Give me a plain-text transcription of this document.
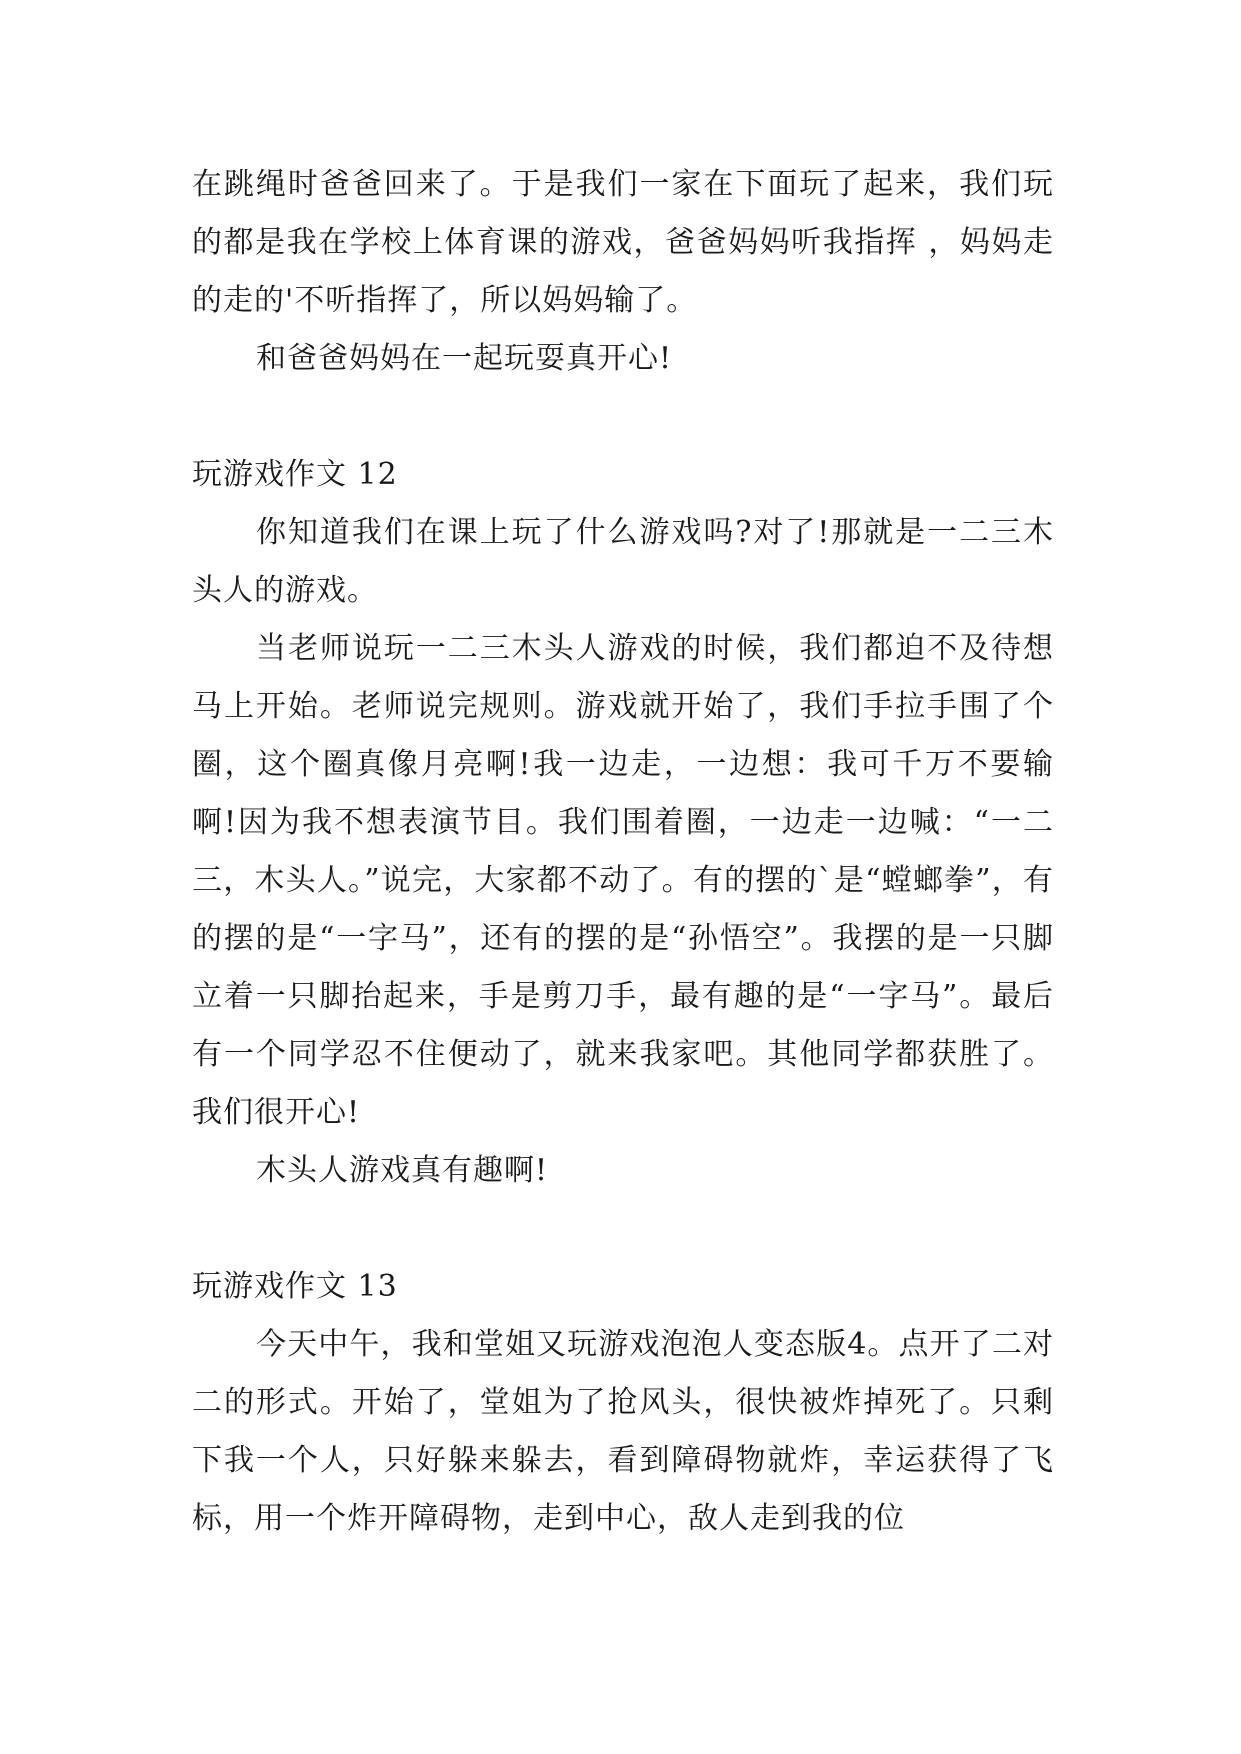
在跳绳时爸爸回来了。于是我们一家在下面玩了起来，我们玩的都是我在学校上体育课的游戏，爸爸妈妈听我指挥 ，妈妈走的走的'不听指挥了，所以妈妈输了。

和爸爸妈妈在一起玩耍真开心!

玩游戏作文 12

你知道我们在课上玩了什么游戏吗?对了!那就是一二三木头人的游戏。

当老师说玩一二三木头人游戏的时候，我们都迫不及待想马上开始。老师说完规则。游戏就开始了，我们手拉手围了个圈，这个圈真像月亮啊!我一边走，一边想：我可千万不要输啊!因为我不想表演节目。我们围着圈，一边走一边喊：“一二三，木头人。”说完，大家都不动了。有的摆的`是“螳螂拳”，有的摆的是“一字马”，还有的摆的是“孙悟空”。我摆的是一只脚立着一只脚抬起来，手是剪刀手，最有趣的是“一字马”。最后有一个同学忍不住便动了，就来我家吧。其他同学都获胜了。我们很开心!

木头人游戏真有趣啊!

玩游戏作文 13

今天中午，我和堂姐又玩游戏泡泡人变态版4。点开了二对二的形式。开始了，堂姐为了抢风头，很快被炸掉死了。只剩下我一个人，只好躲来躲去，看到障碍物就炸，幸运获得了飞标，用一个炸开障碍物，走到中心，敌人走到我的位
